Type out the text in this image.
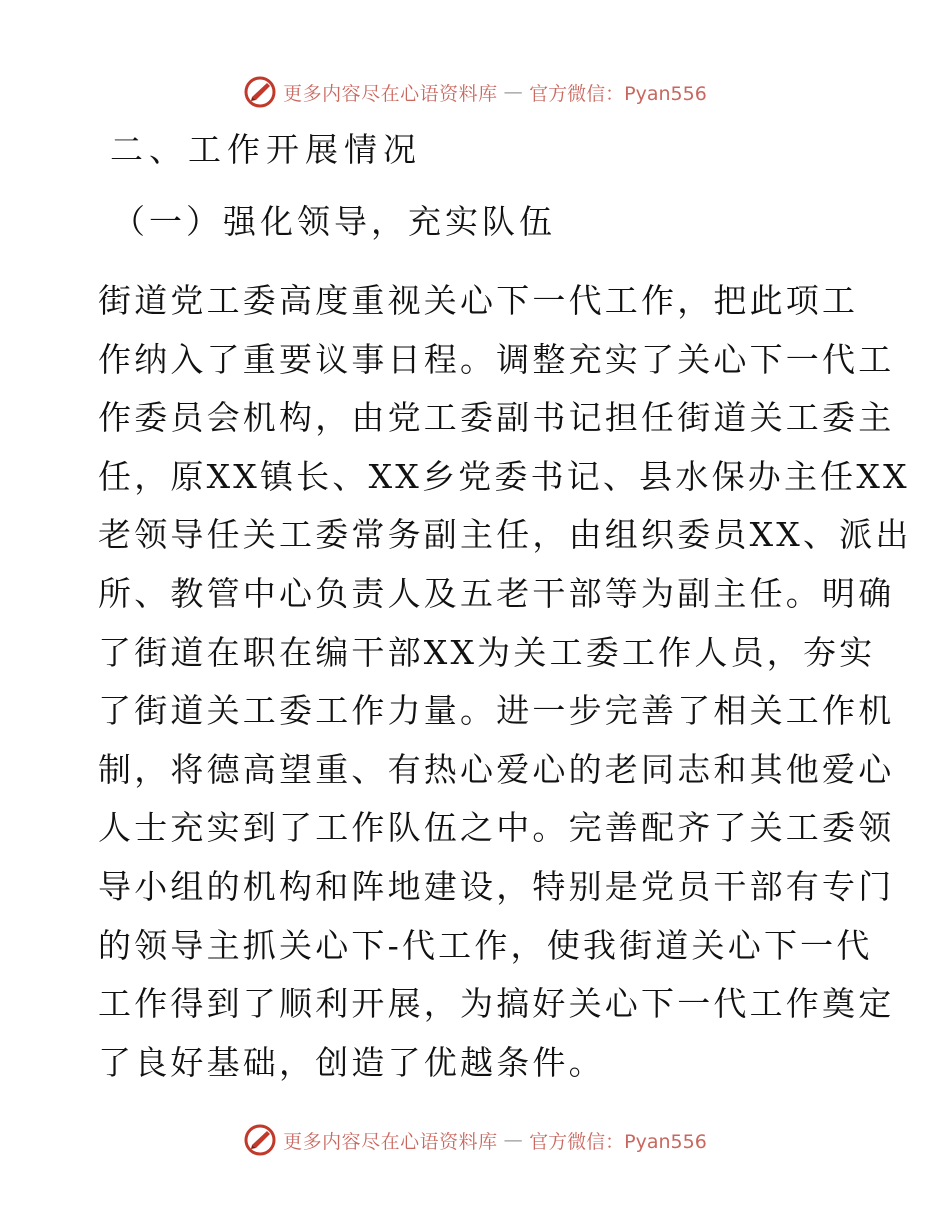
更多内容尽在心语资料库 — 官方微信：Pyan556
二、工作开展情况
（一）强化领导，充实队伍
街道党工委高度重视关心下一代工作，把此项工
作纳入了重要议事日程。调整充实了关心下一代工
作委员会机构，由党工委副书记担任街道关工委主
任，原XX镇长、XX乡党委书记、县水保办主任XX
老领导任关工委常务副主任，由组织委员XX、派出
所、教管中心负责人及五老干部等为副主任。明确
了街道在职在编干部XX为关工委工作人员，夯实
了街道关工委工作力量。进一步完善了相关工作机
制，将德高望重、有热心爱心的老同志和其他爱心
人士充实到了工作队伍之中。完善配齐了关工委领
导小组的机构和阵地建设，特别是党员干部有专门
的领导主抓关心下-代工作，使我街道关心下一代
工作得到了顺利开展，为搞好关心下一代工作奠定
了良好基础，创造了优越条件。
更多内容尽在心语资料库 — 官方微信：Pyan556
